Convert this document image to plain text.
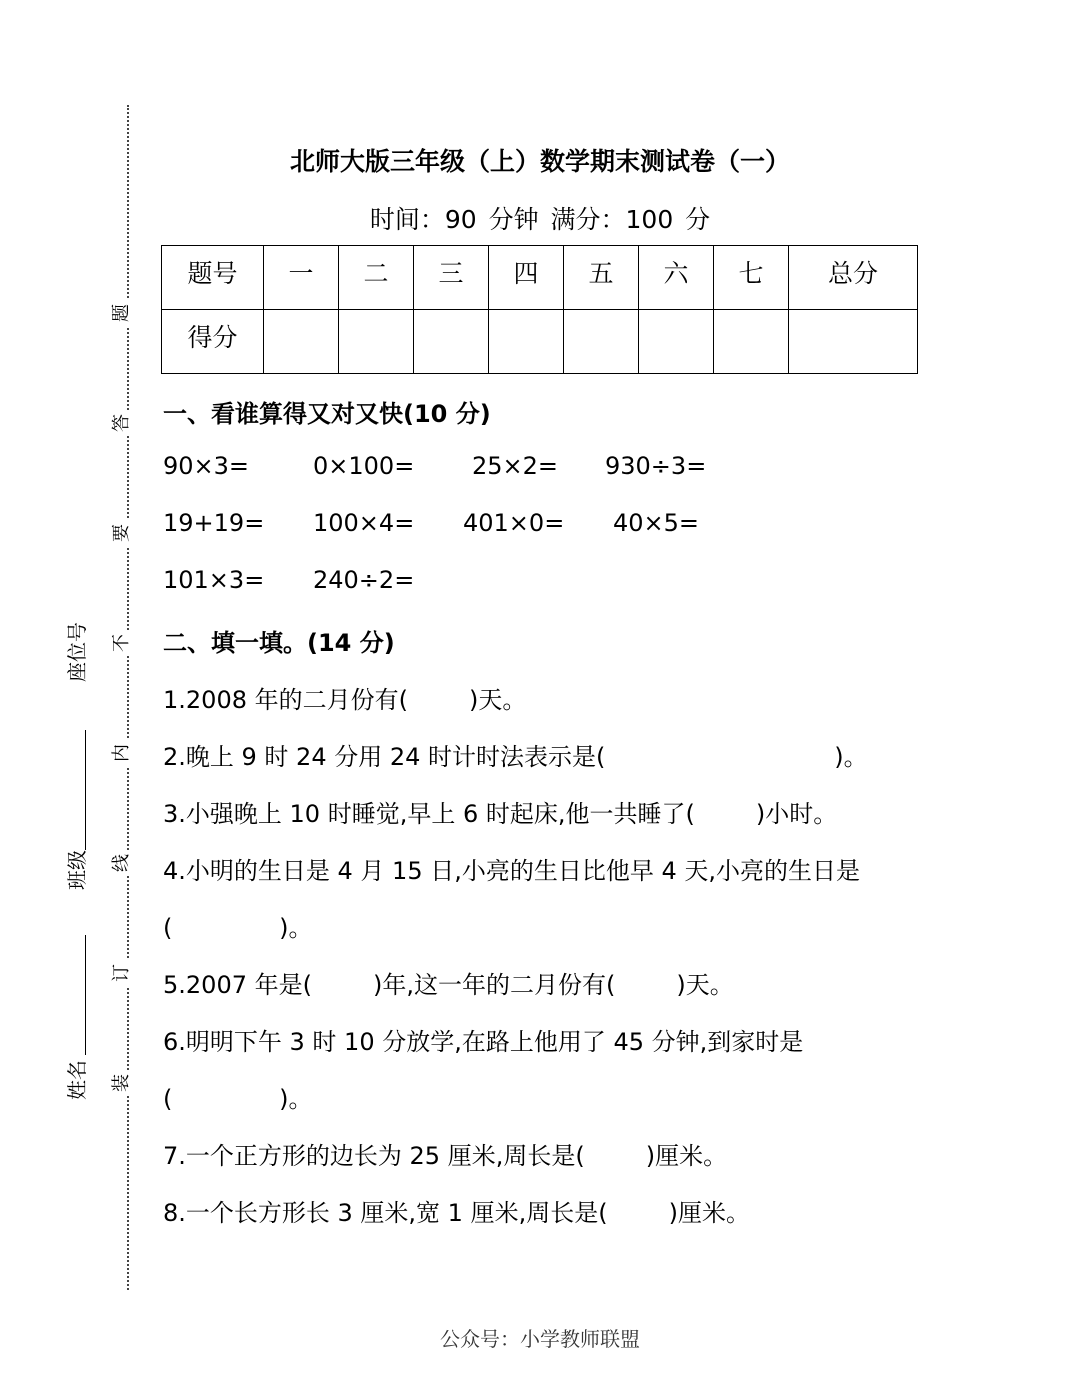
题
答
要
不
内
线
订
装
座位号
班级
姓名
北师大版三年级（上）数学期末测试卷（一）
时间：90 分钟 满分：100 分
题号	一	二	三	四	五	六	七	总分
得分								
一、看谁算得又对又快(10 分)
90×3=	0×100= 25×2= 930÷3=
19+19= 100×4= 401×0= 40×5=
101×3= 240÷2=
二、填一填。(14 分)
1.2008 年的二月份有(        )天。
2.晚上 9 时 24 分用 24 时计时法表示是(                              )。
3.小强晚上 10 时睡觉,早上 6 时起床,他一共睡了(        )小时。
4.小明的生日是 4 月 15 日,小亮的生日比他早 4 天,小亮的生日是
(              )。
5.2007 年是(        )年,这一年的二月份有(        )天。
6.明明下午 3 时 10 分放学,在路上他用了 45 分钟,到家时是
(              )。
7.一个正方形的边长为 25 厘米,周长是(        )厘米。
8.一个长方形长 3 厘米,宽 1 厘米,周长是(        )厘米。
公众号：小学教师联盟
